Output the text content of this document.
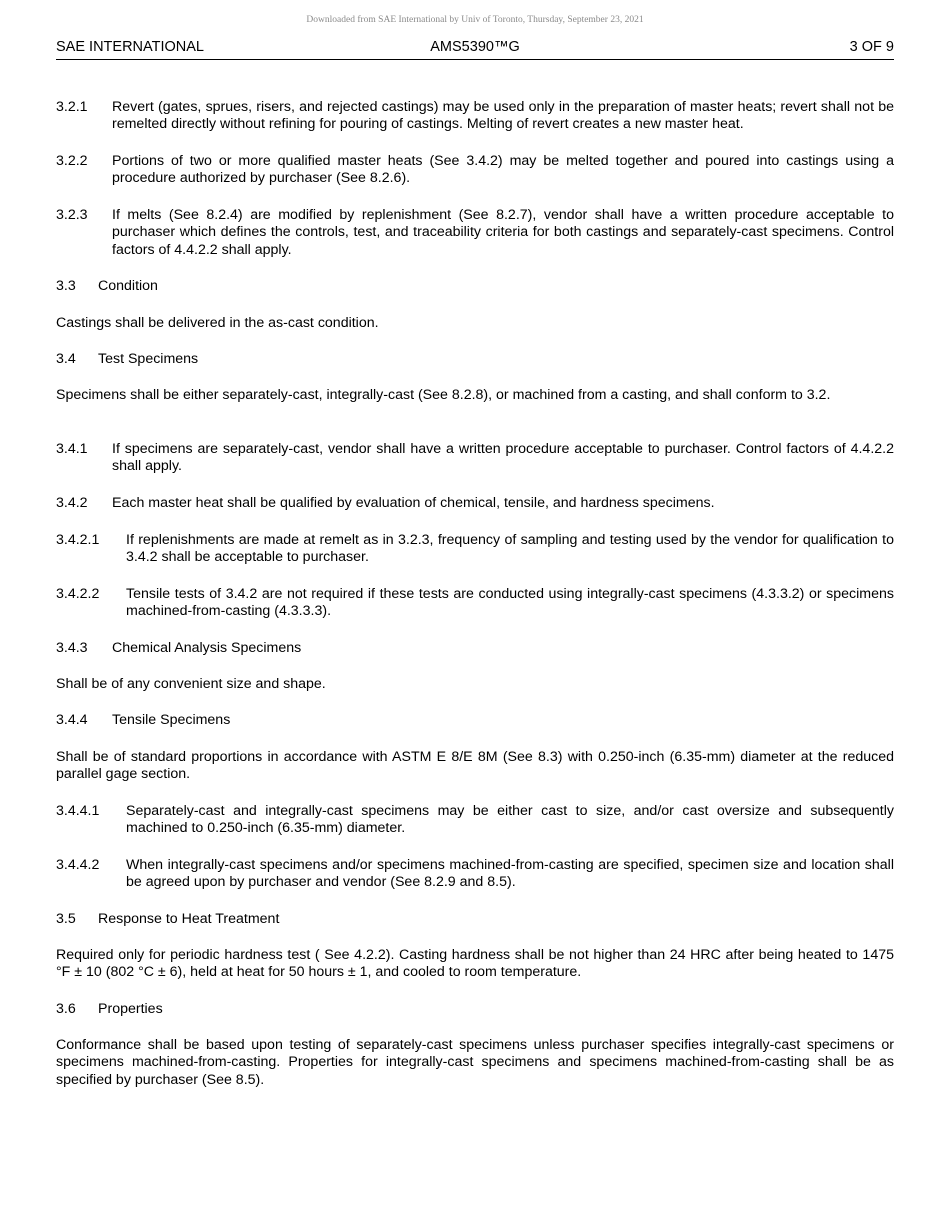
Downloaded from SAE International by Univ of Toronto, Thursday, September 23, 2021
SAE INTERNATIONAL	AMS5390™G	3 OF 9
3.2.1 Revert (gates, sprues, risers, and rejected castings) may be used only in the preparation of master heats; revert shall not be remelted directly without refining for pouring of castings. Melting of revert creates a new master heat.
3.2.2 Portions of two or more qualified master heats (See 3.4.2) may be melted together and poured into castings using a procedure authorized by purchaser (See 8.2.6).
3.2.3 If melts (See 8.2.4) are modified by replenishment (See 8.2.7), vendor shall have a written procedure acceptable to purchaser which defines the controls, test, and traceability criteria for both castings and separately-cast specimens. Control factors of 4.4.2.2 shall apply.
3.3 Condition
Castings shall be delivered in the as-cast condition.
3.4 Test Specimens
Specimens shall be either separately-cast, integrally-cast (See 8.2.8), or machined from a casting, and shall conform to 3.2.
3.4.1 If specimens are separately-cast, vendor shall have a written procedure acceptable to purchaser. Control factors of 4.4.2.2 shall apply.
3.4.2 Each master heat shall be qualified by evaluation of chemical, tensile, and hardness specimens.
3.4.2.1 If replenishments are made at remelt as in 3.2.3, frequency of sampling and testing used by the vendor for qualification to 3.4.2 shall be acceptable to purchaser.
3.4.2.2 Tensile tests of 3.4.2 are not required if these tests are conducted using integrally-cast specimens (4.3.3.2) or specimens machined-from-casting (4.3.3.3).
3.4.3 Chemical Analysis Specimens
Shall be of any convenient size and shape.
3.4.4 Tensile Specimens
Shall be of standard proportions in accordance with ASTM E 8/E 8M (See 8.3) with 0.250-inch (6.35-mm) diameter at the reduced parallel gage section.
3.4.4.1 Separately-cast and integrally-cast specimens may be either cast to size, and/or cast oversize and subsequently machined to 0.250-inch (6.35-mm) diameter.
3.4.4.2 When integrally-cast specimens and/or specimens machined-from-casting are specified, specimen size and location shall be agreed upon by purchaser and vendor (See 8.2.9 and 8.5).
3.5 Response to Heat Treatment
Required only for periodic hardness test ( See 4.2.2). Casting hardness shall be not higher than 24 HRC after being heated to 1475 °F ± 10 (802 °C ± 6), held at heat for 50 hours ± 1, and cooled to room temperature.
3.6 Properties
Conformance shall be based upon testing of separately-cast specimens unless purchaser specifies integrally-cast specimens or specimens machined-from-casting. Properties for integrally-cast specimens and specimens machined-from-casting shall be as specified by purchaser (See 8.5).
